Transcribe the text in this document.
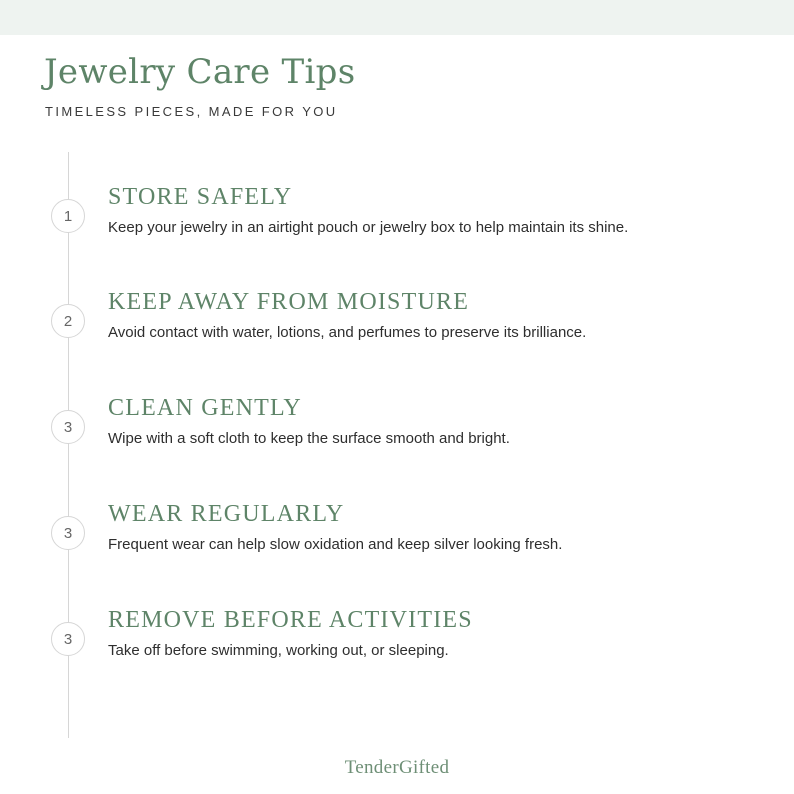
Jewelry Care Tips
TIMELESS PIECES, MADE FOR YOU
1
STORE SAFELY
Keep your jewelry in an airtight pouch or jewelry box to help maintain its shine.
2
KEEP AWAY FROM MOISTURE
Avoid contact with water, lotions, and perfumes to preserve its brilliance.
3
CLEAN GENTLY
Wipe with a soft cloth to keep the surface smooth and bright.
3
WEAR REGULARLY
Frequent wear can help slow oxidation and keep silver looking fresh.
3
REMOVE BEFORE ACTIVITIES
Take off before swimming, working out, or sleeping.
TenderGifted
